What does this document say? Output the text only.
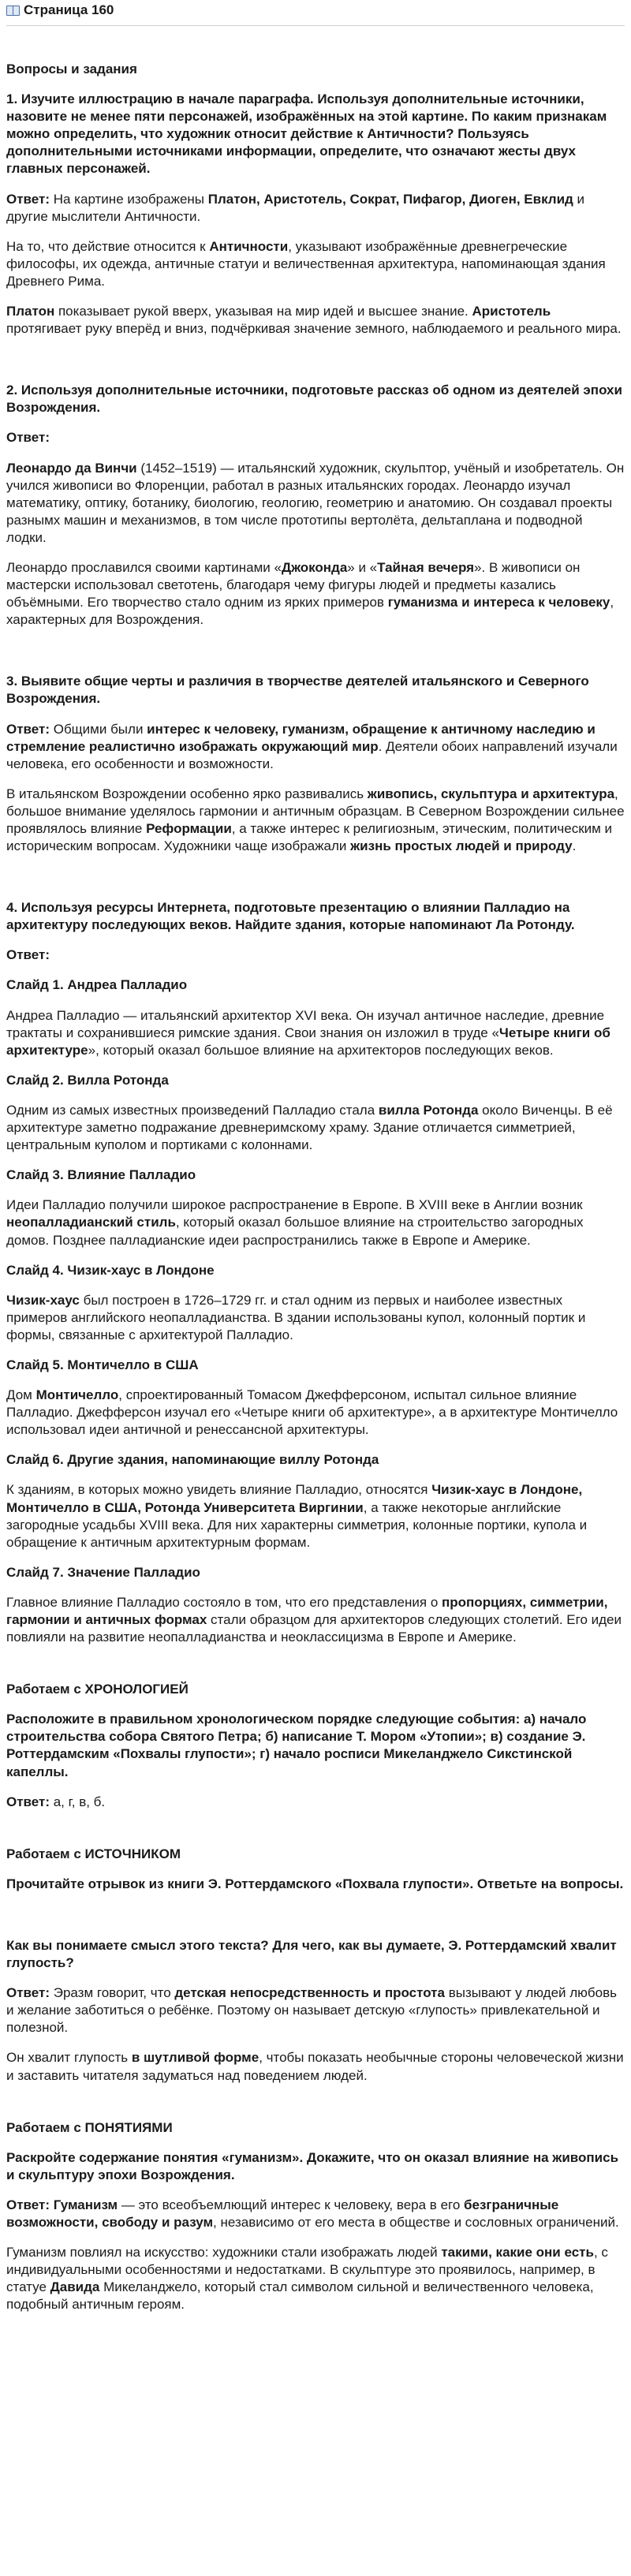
Страница 160
Вопросы и задания

1. Изучите иллюстрацию в начале параграфа. Используя дополнительные источники, назовите не менее пяти персонажей, изображённых на этой картине. По каким признакам можно определить, что художник относит действие к Античности? Пользуясь дополнительными источниками информации, определите, что означают жесты двух главных персонажей.

Ответ: На картине изображены Платон, Аристотель, Сократ, Пифагор, Диоген, Евклид и другие мыслители Античности.

На то, что действие относится к Античности, указывают изображённые древнегреческие философы, их одежда, античные статуи и величественная архитектура, напоминающая здания Древнего Рима.

Платон показывает рукой вверх, указывая на мир идей и высшее знание. Аристотель протягивает руку вперёд и вниз, подчёркивая значение земного, наблюдаемого и реального мира.

2. Используя дополнительные источники, подготовьте рассказ об одном из деятелей эпохи Возрождения.

Ответ:

Леонардо да Винчи (1452–1519) — итальянский художник, скульптор, учёный и изобретатель. Он учился живописи во Флоренции, работал в разных итальянских городах. Леонардо изучал математику, оптику, ботанику, биологию, геологию, геометрию и анатомию. Он создавал проекты разнымх машин и механизмов, в том числе прототипы вертолёта, дельтаплана и подводной лодки.

Леонардо прославился своими картинами «Джоконда» и «Тайная вечеря». В живописи он мастерски использовал светотень, благодаря чему фигуры людей и предметы казались объёмными. Его творчество стало одним из ярких примеров гуманизма и интереса к человеку, характерных для Возрождения.

3. Выявите общие черты и различия в творчестве деятелей итальянского и Северного Возрождения.

Ответ: Общими были интерес к человеку, гуманизм, обращение к античному наследию и стремление реалистично изображать окружающий мир. Деятели обоих направлений изучали человека, его особенности и возможности.

В итальянском Возрождении особенно ярко развивались живопись, скульптура и архитектура, большое внимание уделялось гармонии и античным образцам. В Северном Возрождении сильнее проявлялось влияние Реформации, а также интерес к религиозным, этическим, политическим и историческим вопросам. Художники чаще изображали жизнь простых людей и природу.

4. Используя ресурсы Интернета, подготовьте презентацию о влиянии Палладио на архитектуру последующих веков. Найдите здания, которые напоминают Ла Ротонду.

Ответ:

Слайд 1. Андреа Палладио

Андреа Палладио — итальянский архитектор XVI века. Он изучал античное наследие, древние трактаты и сохранившиеся римские здания. Свои знания он изложил в труде «Четыре книги об архитектуре», который оказал большое влияние на архитекторов последующих веков.

Слайд 2. Вилла Ротонда

Одним из самых известных произведений Палладио стала вилла Ротонда около Виченцы. В её архитектуре заметно подражание древнеримскому храму. Здание отличается симметрией, центральным куполом и портиками с колоннами.

Слайд 3. Влияние Палладио

Идеи Палладио получили широкое распространение в Европе. В XVIII веке в Англии возник неопалладианский стиль, который оказал большое влияние на строительство загородных домов. Позднее палладианские идеи распространились также в Европе и Америке.

Слайд 4. Чизик-хаус в Лондоне

Чизик-хаус был построен в 1726–1729 гг. и стал одним из первых и наиболее известных примеров английского неопалладианства. В здании использованы купол, колонный портик и формы, связанные с архитектурой Палладио.

Слайд 5. Монтичелло в США

Дом Монтичелло, спроектированный Томасом Джефферсоном, испытал сильное влияние Палладио. Джефферсон изучал его «Четыре книги об архитектуре», а в архитектуре Монтичелло использовал идеи античной и ренессансной архитектуры.

Слайд 6. Другие здания, напоминающие виллу Ротонда

К зданиям, в которых можно увидеть влияние Палладио, относятся Чизик-хаус в Лондоне, Монтичелло в США, Ротонда Университета Виргинии, а также некоторые английские загородные усадьбы XVIII века. Для них характерны симметрия, колонные портики, купола и обращение к античным архитектурным формам.

Слайд 7. Значение Палладио

Главное влияние Палладио состояло в том, что его представления о пропорциях, симметрии, гармонии и античных формах стали образцом для архитекторов следующих столетий. Его идеи повлияли на развитие неопалладианства и неоклассицизма в Европе и Америке.

Работаем с ХРОНОЛОГИЕЙ

Расположите в правильном хронологическом порядке следующие события: а) начало строительства собора Святого Петра; б) написание Т. Мором «Утопии»; в) создание Э. Роттердамским «Похвалы глупости»; г) начало росписи Микеланджело Сикстинской капеллы.

Ответ: а, г, в, б.

Работаем с ИСТОЧНИКОМ

Прочитайте отрывок из книги Э. Роттердамского «Похвала глупости». Ответьте на вопросы.

Как вы понимаете смысл этого текста? Для чего, как вы думаете, Э. Роттердамский хвалит глупость?

Ответ: Эразм говорит, что детская непосредственность и простота вызывают у людей любовь и желание заботиться о ребёнке. Поэтому он называет детскую «глупость» привлекательной и полезной.

Он хвалит глупость в шутливой форме, чтобы показать необычные стороны человеческой жизни и заставить читателя задуматься над поведением людей.

Работаем с ПОНЯТИЯМИ

Раскройте содержание понятия «гуманизм». Докажите, что он оказал влияние на живопись и скульптуру эпохи Возрождения.

Ответ: Гуманизм — это всеобъемлющий интерес к человеку, вера в его безграничные возможности, свободу и разум, независимо от его места в обществе и сословных ограничений.

Гуманизм повлиял на искусство: художники стали изображать людей такими, какие они есть, с индивидуальными особенностями и недостатками. В скульптуре это проявилось, например, в статуе Давида Микеланджело, который стал символом сильной и величественного человека, подобный античным героям.
